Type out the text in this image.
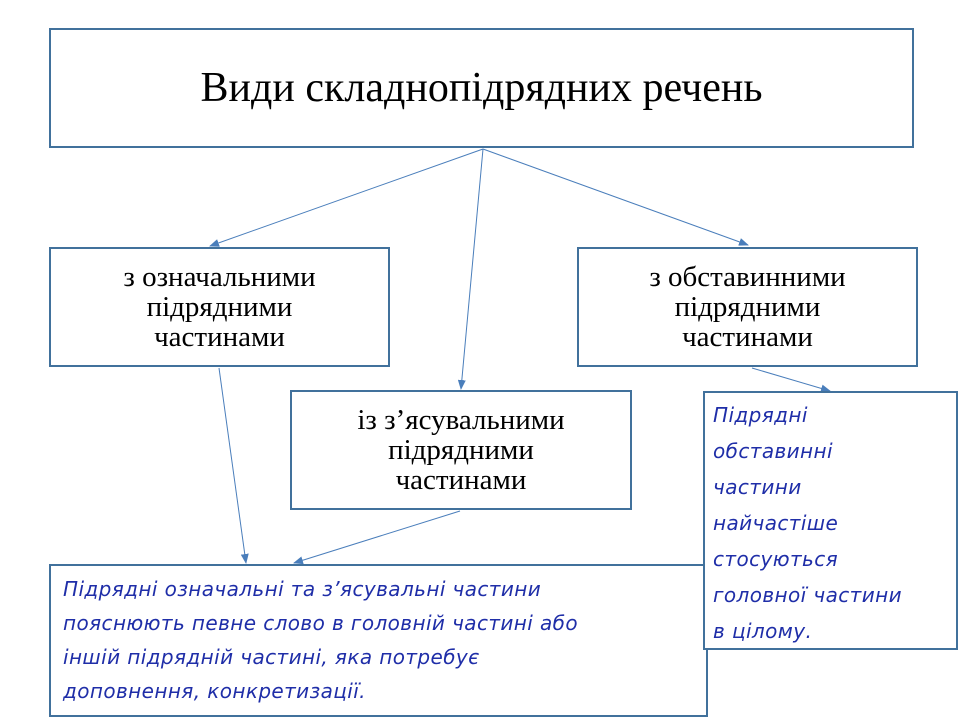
Види складнопідрядних речень
з означальними
підрядними
частинами
із з’ясувальними
підрядними
частинами
з обставинними
підрядними
частинами
Підрядні означальні та з’ясувальні частини
пояснюють певне слово в головній частині або
іншій підрядній частині, яка потребує
доповнення, конкретизації.
Підрядні
обставинні
частини
найчастіше
стосуються
головної частини
в цілому.
